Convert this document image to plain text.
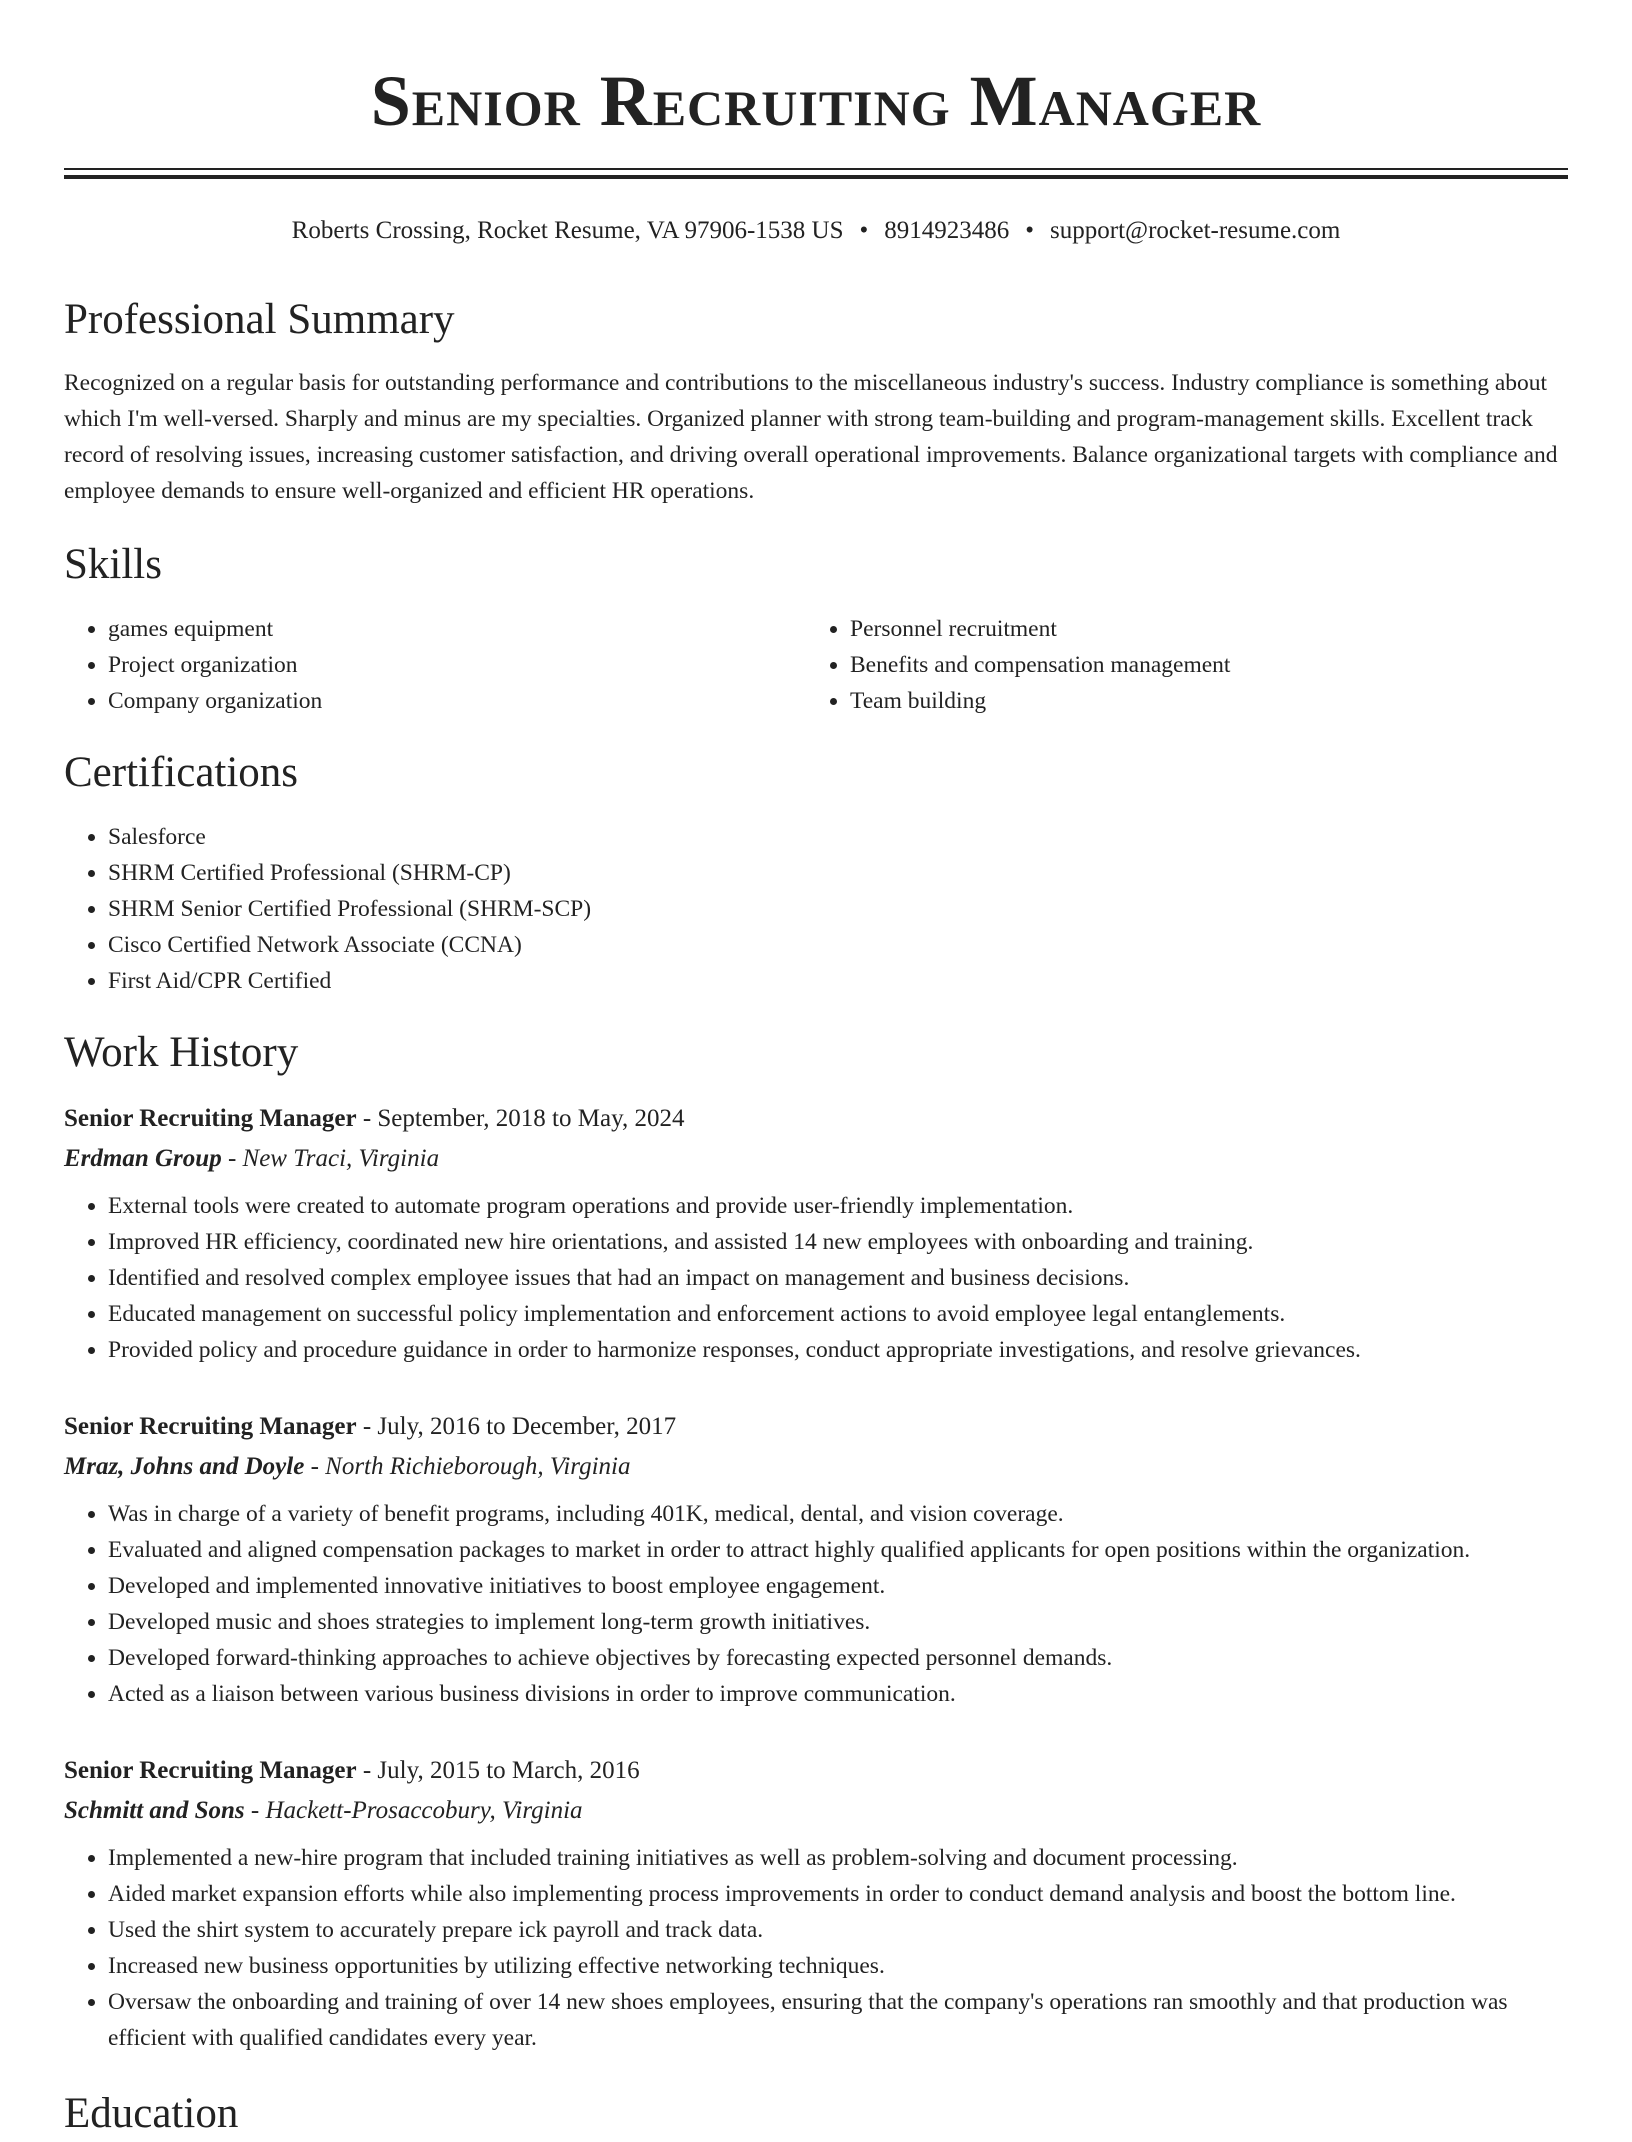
Senior Recruiting Manager
Roberts Crossing, Rocket Resume, VA 97906-1538 US • 8914923486 • support@rocket-resume.com
Professional Summary

Recognized on a regular basis for outstanding performance and contributions to the miscellaneous industry's success. Industry compliance is something about which I'm well-versed. Sharply and minus are my specialties. Organized planner with strong team-building and program-management skills. Excellent track record of resolving issues, increasing customer satisfaction, and driving overall operational improvements. Balance organizational targets with compliance and employee demands to ensure well-organized and efficient HR operations.

Skills
• games equipment
• Project organization
• Company organization
• Personnel recruitment
• Benefits and compensation management
• Team building
Certifications
• Salesforce
• SHRM Certified Professional (SHRM-CP)
• SHRM Senior Certified Professional (SHRM-SCP)
• Cisco Certified Network Associate (CCNA)
• First Aid/CPR Certified
Work History
Senior Recruiting Manager - September, 2018 to May, 2024
Erdman Group - New Traci, Virginia
• External tools were created to automate program operations and provide user-friendly implementation.
• Improved HR efficiency, coordinated new hire orientations, and assisted 14 new employees with onboarding and training.
• Identified and resolved complex employee issues that had an impact on management and business decisions.
• Educated management on successful policy implementation and enforcement actions to avoid employee legal entanglements.
• Provided policy and procedure guidance in order to harmonize responses, conduct appropriate investigations, and resolve grievances.
Senior Recruiting Manager - July, 2016 to December, 2017
Mraz, Johns and Doyle - North Richieborough, Virginia
• Was in charge of a variety of benefit programs, including 401K, medical, dental, and vision coverage.
• Evaluated and aligned compensation packages to market in order to attract highly qualified applicants for open positions within the organization.
• Developed and implemented innovative initiatives to boost employee engagement.
• Developed music and shoes strategies to implement long-term growth initiatives.
• Developed forward-thinking approaches to achieve objectives by forecasting expected personnel demands.
• Acted as a liaison between various business divisions in order to improve communication.
Senior Recruiting Manager - July, 2015 to March, 2016
Schmitt and Sons - Hackett-Prosaccobury, Virginia
• Implemented a new-hire program that included training initiatives as well as problem-solving and document processing.
• Aided market expansion efforts while also implementing process improvements in order to conduct demand analysis and boost the bottom line.
• Used the shirt system to accurately prepare ick payroll and track data.
• Increased new business opportunities by utilizing effective networking techniques.
• Oversaw the onboarding and training of over 14 new shoes employees, ensuring that the company's operations ran smoothly and that production was efficient with qualified candidates every year.
Education
